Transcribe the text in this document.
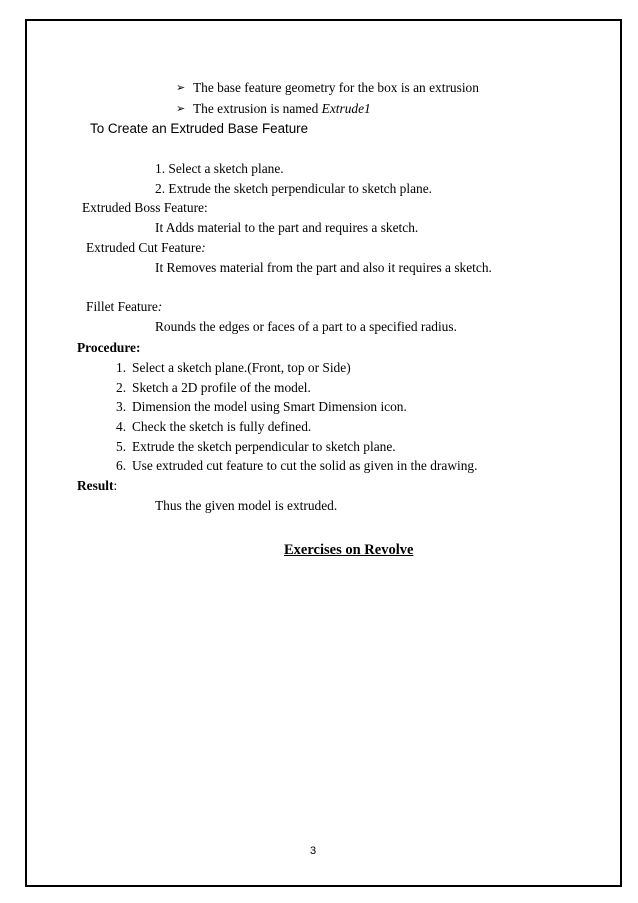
➢ The base feature geometry for the box is an extrusion
➢ The extrusion is named Extrude1
To Create an Extruded Base Feature
1. Select a sketch plane.
2. Extrude the sketch perpendicular to sketch plane.
Extruded Boss Feature:
It Adds material to the part and requires a sketch.
Extruded Cut Feature:
It Removes material from the part and also it requires a sketch.
Fillet Feature:
Rounds the edges or faces of a part to a specified radius.
Procedure:
1. Select a sketch plane.(Front, top or Side)
2. Sketch a 2D profile of the model.
3. Dimension the model using Smart Dimension icon.
4. Check the sketch is fully defined.
5. Extrude the sketch perpendicular to sketch plane.
6. Use extruded cut feature to cut the solid as given in the drawing.
Result:
Thus the given model is extruded.
Exercises on Revolve
3
